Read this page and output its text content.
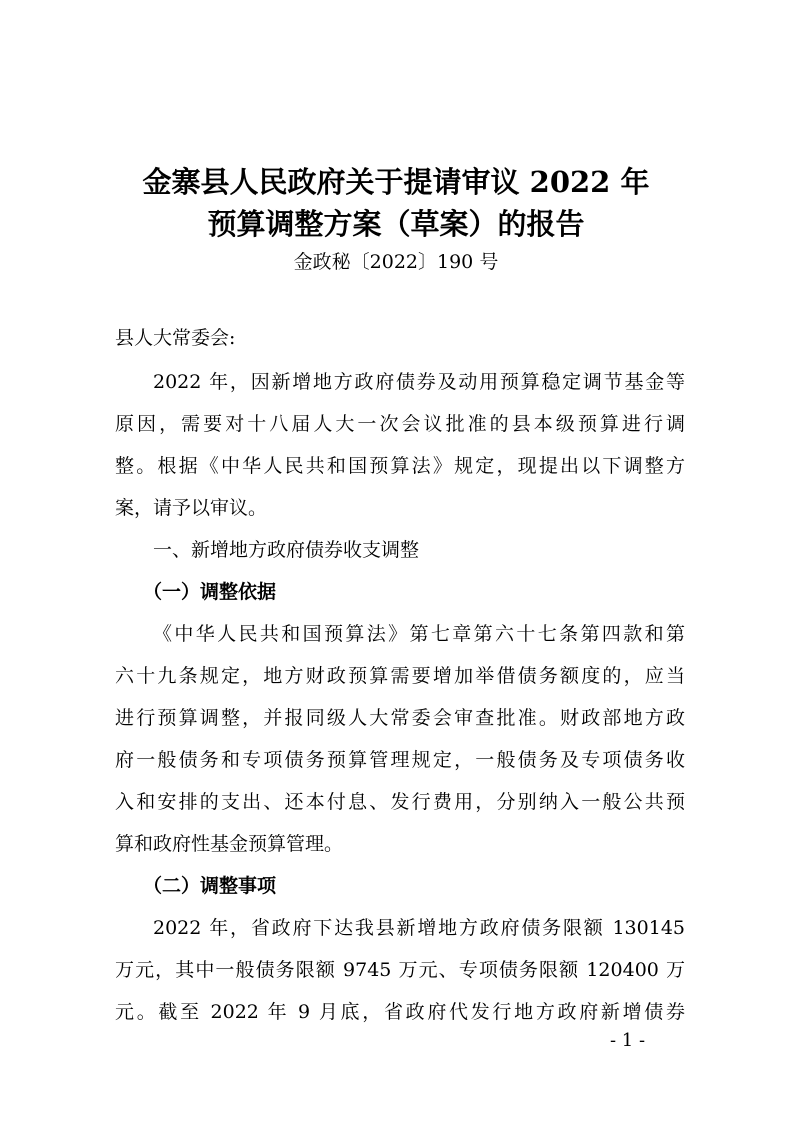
金寨县人民政府关于提请审议 2022 年
预算调整方案（草案）的报告
金政秘〔2022〕190 号
县人大常委会:
2022 年，因新增地方政府债券及动用预算稳定调节基金等
原因，需要对十八届人大一次会议批准的县本级预算进行调
整。根据《中华人民共和国预算法》规定，现提出以下调整方
案，请予以审议。
一、新增地方政府债券收支调整
（一）调整依据
《中华人民共和国预算法》第七章第六十七条第四款和第
六十九条规定，地方财政预算需要增加举借债务额度的，应当
进行预算调整，并报同级人大常委会审查批准。财政部地方政
府一般债务和专项债务预算管理规定，一般债务及专项债务收
入和安排的支出、还本付息、发行费用，分别纳入一般公共预
算和政府性基金预算管理。
（二）调整事项
2022 年，省政府下达我县新增地方政府债务限额 130145
万元，其中一般债务限额 9745 万元、专项债务限额 120400 万
元。截至 2022 年 9 月底，省政府代发行地方政府新增债券
- 1 -
